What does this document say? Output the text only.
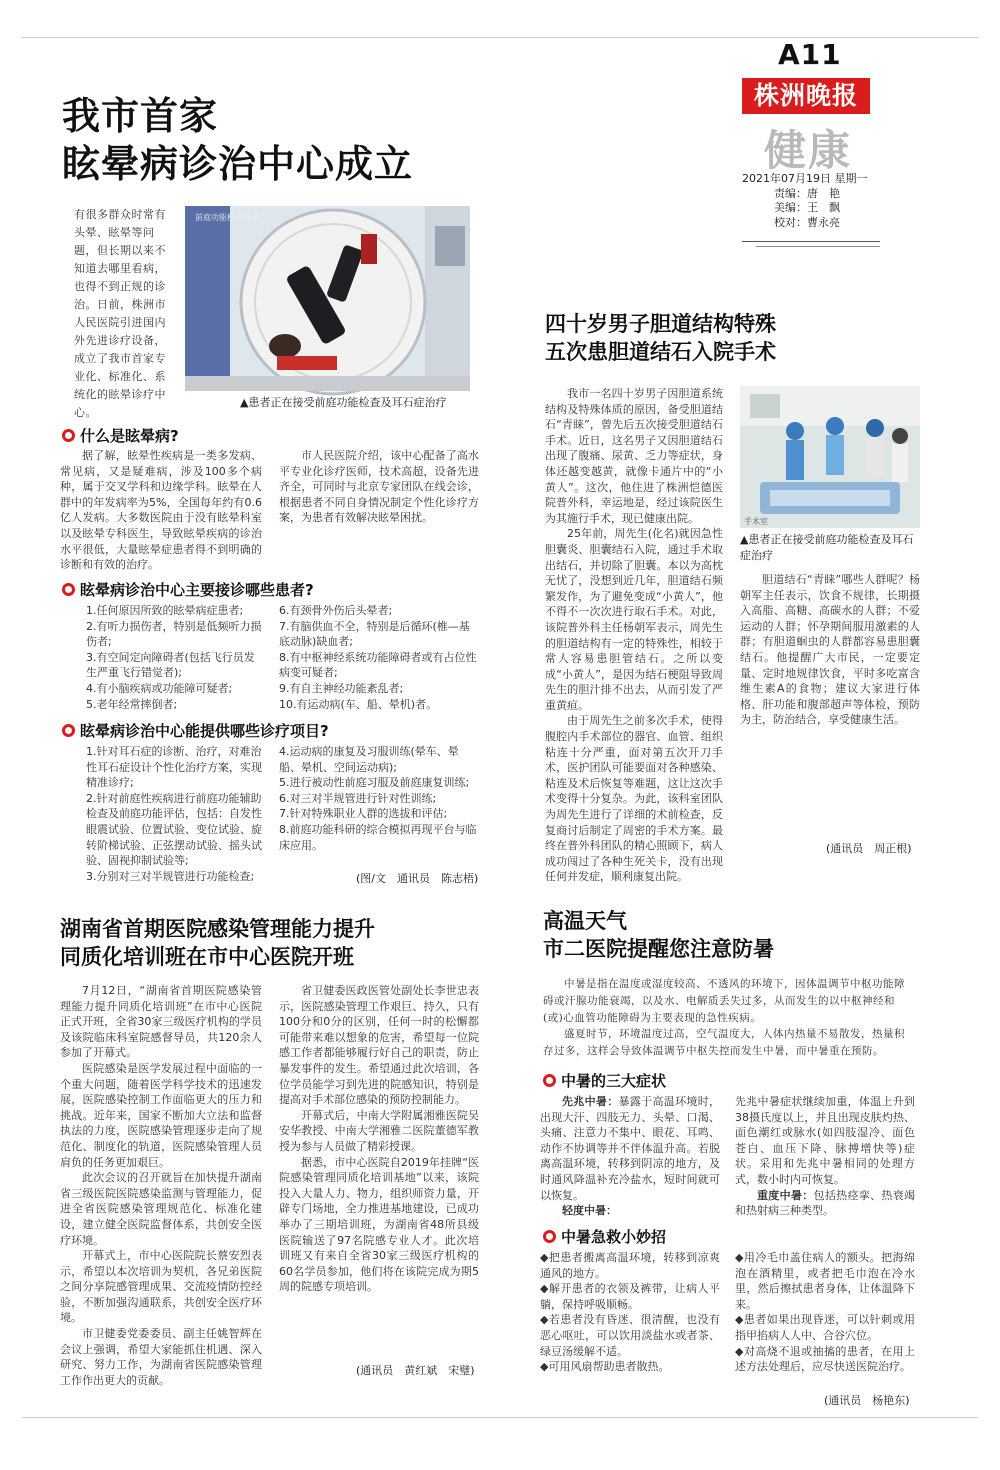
A11
株洲晚报
健康
2021年07月19日 星期一
责编：唐　艳
美编：王　飘
校对：曹永亮
我市首家
眩晕病诊治中心成立
有很多群众时常有头晕、眩晕等问题，但长期以来不知道去哪里看病，也得不到正规的诊治。日前，株洲市人民医院引进国内外先进诊疗设备，成立了我市首家专业化、标准化、系统化的眩晕诊疗中心。
前庭功能检查设备
▲患者正在接受前庭功能检查及耳石症治疗
什么是眩晕病?
据了解，眩晕性疾病是一类多发病、常见病，又是疑难病，涉及100多个病种，属于交叉学科和边缘学科。眩晕在人群中的年发病率为5%，全国每年约有0.6亿人发病。大多数医院由于没有眩晕科室以及眩晕专科医生，导致眩晕疾病的诊治水平很低，大量眩晕症患者得不到明确的诊断和有效的治疗。
市人民医院介绍，该中心配备了高水平专业化诊疗医师，技术高超，设备先进齐全，可同时与北京专家团队在线会诊，根据患者不同自身情况制定个性化诊疗方案，为患者有效解决眩晕困扰。
眩晕病诊治中心主要接诊哪些患者?
1.任何原因所致的眩晕病症患者;
2.有听力损伤者，特别是低频听力损伤者;
3.有空间定向障碍者(包括飞行员发生严重飞行错觉者);
4.有小脑疾病或功能障可疑者;
5.老年经常摔倒者;
6.有颈骨外伤后头晕者;
7.有脑供血不全，特别是后循环(椎—基底动脉)缺血者;
8.有中枢神经系统功能障碍者或有占位性病变可疑者;
9.有自主神经功能紊乱者;
10.有运动病(车、船、晕机)者。
眩晕病诊治中心能提供哪些诊疗项目?
1.针对耳石症的诊断、治疗，对难治性耳石症设计个性化治疗方案，实现精准诊疗;
2.针对前庭性疾病进行前庭功能辅助检查及前庭功能评估，包括：自发性眼震试验、位置试验、变位试验、旋转阶梯试验、正弦摆动试验、摇头试验、固视抑制试验等;
3.分别对三对半规管进行功能检查;
4.运动病的康复及习服训练(晕车、晕船、晕机、空间运动病);
5.进行被动性前庭习服及前庭康复训练;
6.对三对半规管进行针对性训练;
7.针对特殊职业人群的选拔和评估;
8.前庭功能科研的综合模拟再现平台与临床应用。
(图/文　通讯员　陈志梧)
四十岁男子胆道结构特殊
五次患胆道结石入院手术

我市一名四十岁男子因胆道系统结构及特殊体质的原因，备受胆道结石“青睐”，曾先后五次接受胆道结石手术。近日，这名男子又因胆道结石出现了腹痛、尿黄、乏力等症状，身体还越变越黄，就像卡通片中的“小黄人”。这次，他住进了株洲恺德医院普外科，幸运地是，经过该院医生为其施行手术，现已健康出院。

25年前，周先生(化名)就因急性胆囊炎、胆囊结石入院，通过手术取出结石，并切除了胆囊。本以为高枕无忧了，没想到近几年，胆道结石频繁发作，为了避免变成“小黄人”，他不得不一次次进行取石手术。对此，该院普外科主任杨朝军表示，周先生的胆道结构有一定的特殊性，相较于常人容易患胆管结石。之所以变成“小黄人”，是因为结石梗阻导致周先生的胆汁排不出去，从而引发了严重黄疸。

由于周先生之前多次手术，使得腹腔内手术部位的器官、血管、组织粘连十分严重，面对第五次开刀手术，医护团队可能要面对各种感染、粘连及术后恢复等难题，这让这次手术变得十分复杂。为此，该科室团队为周先生进行了详细的术前检查，反复商讨后制定了周密的手术方案。最终在普外科团队的精心照顾下，病人成功闯过了各种生死关卡，没有出现任何并发症，顺利康复出院。

手术室
▲患者正在接受前庭功能检查及耳石症治疗

胆道结石“青睐”哪些人群呢？杨朝军主任表示，饮食不规律，长期摄入高脂、高糖、高碳水的人群；不爱运动的人群；怀孕期间服用激素的人群；有胆道蛔虫的人群都容易患胆囊结石。他提醒广大市民，一定要定量、定时地规律饮食，平时多吃富含维生素A的食物；建议大家进行体格、肝功能和腹部超声等体检，预防为主，防治结合，享受健康生活。

(通讯员　周正根)
湖南省首期医院感染管理能力提升
同质化培训班在市中心医院开班

7月12日，“湖南省首期医院感染管理能力提升同质化培训班”在市中心医院正式开班，全省30家三级医疗机构的学员及该院临床科室院感督导员，共120余人参加了开幕式。

医院感染是医学发展过程中面临的一个重大问题，随着医学科学技术的迅速发展，医院感染控制工作面临更大的压力和挑战。近年来，国家不断加大立法和监督执法的力度，医院感染管理逐步走向了规范化、制度化的轨道，医院感染管理人员肩负的任务更加艰巨。

此次会议的召开就旨在加快提升湖南省三级医院医院感染监测与管理能力，促进全省医院感染管理规范化、标准化建设，建立健全医院监督体系，共创安全医疗环境。

开幕式上，市中心医院院长蔡安烈表示，希望以本次培训为契机，各兄弟医院之间分享院感管理成果、交流疫情防控经验，不断加强沟通联系，共创安全医疗环境。

市卫健委党委委员、副主任姚智辉在会议上强调，希望大家能抓住机遇、深入研究、努力工作，为湖南省医院感染管理工作作出更大的贡献。

省卫健委医政医管处副处长李世忠表示，医院感染管理工作艰巨、持久，只有100分和0分的区别，任何一时的松懈都可能带来难以想象的危害，希望每一位院感工作者都能够履行好自己的职责，防止暴发事件的发生。希望通过此次培训，各位学员能学习到先进的院感知识，特别是提高对手术部位感染的预防控制能力。

开幕式后，中南大学附属湘雅医院吴安华教授、中南大学湘雅二医院董德军教授为参与人员做了精彩授课。

据悉，市中心医院自2019年挂牌“医院感染管理同质化培训基地”以来，该院投入大量人力、物力，组织师资力量，开辟专门场地，全力推进基地建设，已成功举办了三期培训班，为湖南省48所县级医院输送了97名院感专业人才。此次培训班又有来自全省30家三级医疗机构的60名学员参加，他们将在该院完成为期5周的院感专项培训。

(通讯员　黄红斌　宋璧)
高温天气
市二医院提醒您注意防暑
中暑是指在温度或湿度较高、不透风的环境下，因体温调节中枢功能障碍或汗腺功能衰竭，以及水、电解质丢失过多，从而发生的以中枢神经和(或)心血管功能障碍为主要表现的急性疾病。
盛夏时节，环境温度过高，空气温度大，人体内热量不易散发，热量积存过多，这样会导致体温调节中枢失控而发生中暑，而中暑重在预防。
中暑的三大症状

先兆中暑：暴露于高温环境时，出现大汗、四肢无力、头晕、口渴、头痛、注意力不集中、眼花、耳鸣、动作不协调等并不伴体温升高。若脱离高温环境，转移到阴凉的地方，及时通风降温补充冷盐水，短时间就可以恢复。

轻度中暑：

先兆中暑症状继续加重，体温上升到38摄氏度以上，并且出现皮肤灼热、面色潮红或脉水(如四肢湿冷、面色苍白、血压下降、脉搏增快等)症状。采用和先兆中暑相同的处理方式，数小时内可恢复。

重度中暑：包括热痉挛、热衰竭和热射病三种类型。

中暑急救小妙招
◆把患者搬离高温环境，转移到凉爽通风的地方。
◆解开患者的衣领及裤带，让病人平躺，保持呼吸顺畅。
◆若患者没有昏迷、很清醒，也没有恶心呕吐，可以饮用淡盐水或者茶、绿豆汤缓解不适。
◆可用风扇帮助患者散热。
◆用冷毛巾盖住病人的额头。把海绵泡在酒精里，或者把毛巾泡在冷水里，然后擦拭患者身体，让体温降下来。
◆患者如果出现昏迷，可以针刺或用指甲掐病人人中、合谷穴位。
◆对高烧不退或抽搐的患者，在用上述方法处理后，应尽快送医院治疗。
(通讯员　杨艳东)
